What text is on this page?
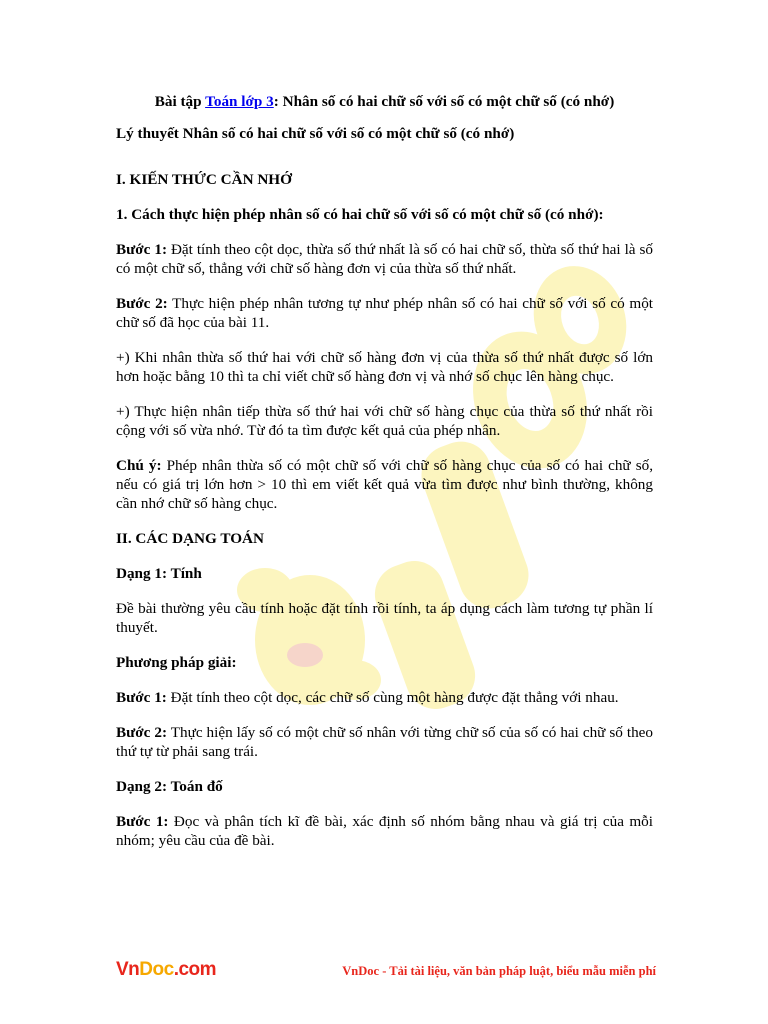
Bài tập Toán lớp 3: Nhân số có hai chữ số với số có một chữ số (có nhớ)

Lý thuyết Nhân số có hai chữ số với số có một chữ số (có nhớ)

I. KIẾN THỨC CẦN NHỚ

1. Cách thực hiện phép nhân số có hai chữ số với số có một chữ số (có nhớ):

Bước 1: Đặt tính theo cột dọc, thừa số thứ nhất là số có hai chữ số, thừa số thứ hai là số có một chữ số, thẳng với chữ số hàng đơn vị của thừa số thứ nhất.

Bước 2: Thực hiện phép nhân tương tự như phép nhân số có hai chữ số với số có một chữ số đã học của bài 11.

+) Khi nhân thừa số thứ hai với chữ số hàng đơn vị của thừa số thứ nhất được số lớn hơn hoặc bằng 10 thì ta chỉ viết chữ số hàng đơn vị và nhớ số chục lên hàng chục.

+) Thực hiện nhân tiếp thừa số thứ hai với chữ số hàng chục của thừa số thứ nhất rồi cộng với số vừa nhớ. Từ đó ta tìm được kết quả của phép nhân.

Chú ý: Phép nhân thừa số có một chữ số với chữ số hàng chục của số có hai chữ số, nếu có giá trị lớn hơn > 10 thì em viết kết quả vừa tìm được như bình thường, không cần nhớ chữ số hàng chục.

II. CÁC DẠNG TOÁN

Dạng 1: Tính

Đề bài thường yêu cầu tính hoặc đặt tính rồi tính, ta áp dụng cách làm tương tự phần lí thuyết.

Phương pháp giải:

Bước 1: Đặt tính theo cột dọc, các chữ số cùng một hàng được đặt thẳng với nhau.

Bước 2: Thực hiện lấy số có một chữ số nhân với từng chữ số của số có hai chữ số theo thứ tự từ phải sang trái.

Dạng 2: Toán đố

Bước 1: Đọc và phân tích kĩ đề bài, xác định số nhóm bằng nhau và giá trị của mỗi nhóm; yêu cầu của đề bài.

VnDoc.com	VnDoc - Tải tài liệu, văn bản pháp luật, biểu mẫu miễn phí
